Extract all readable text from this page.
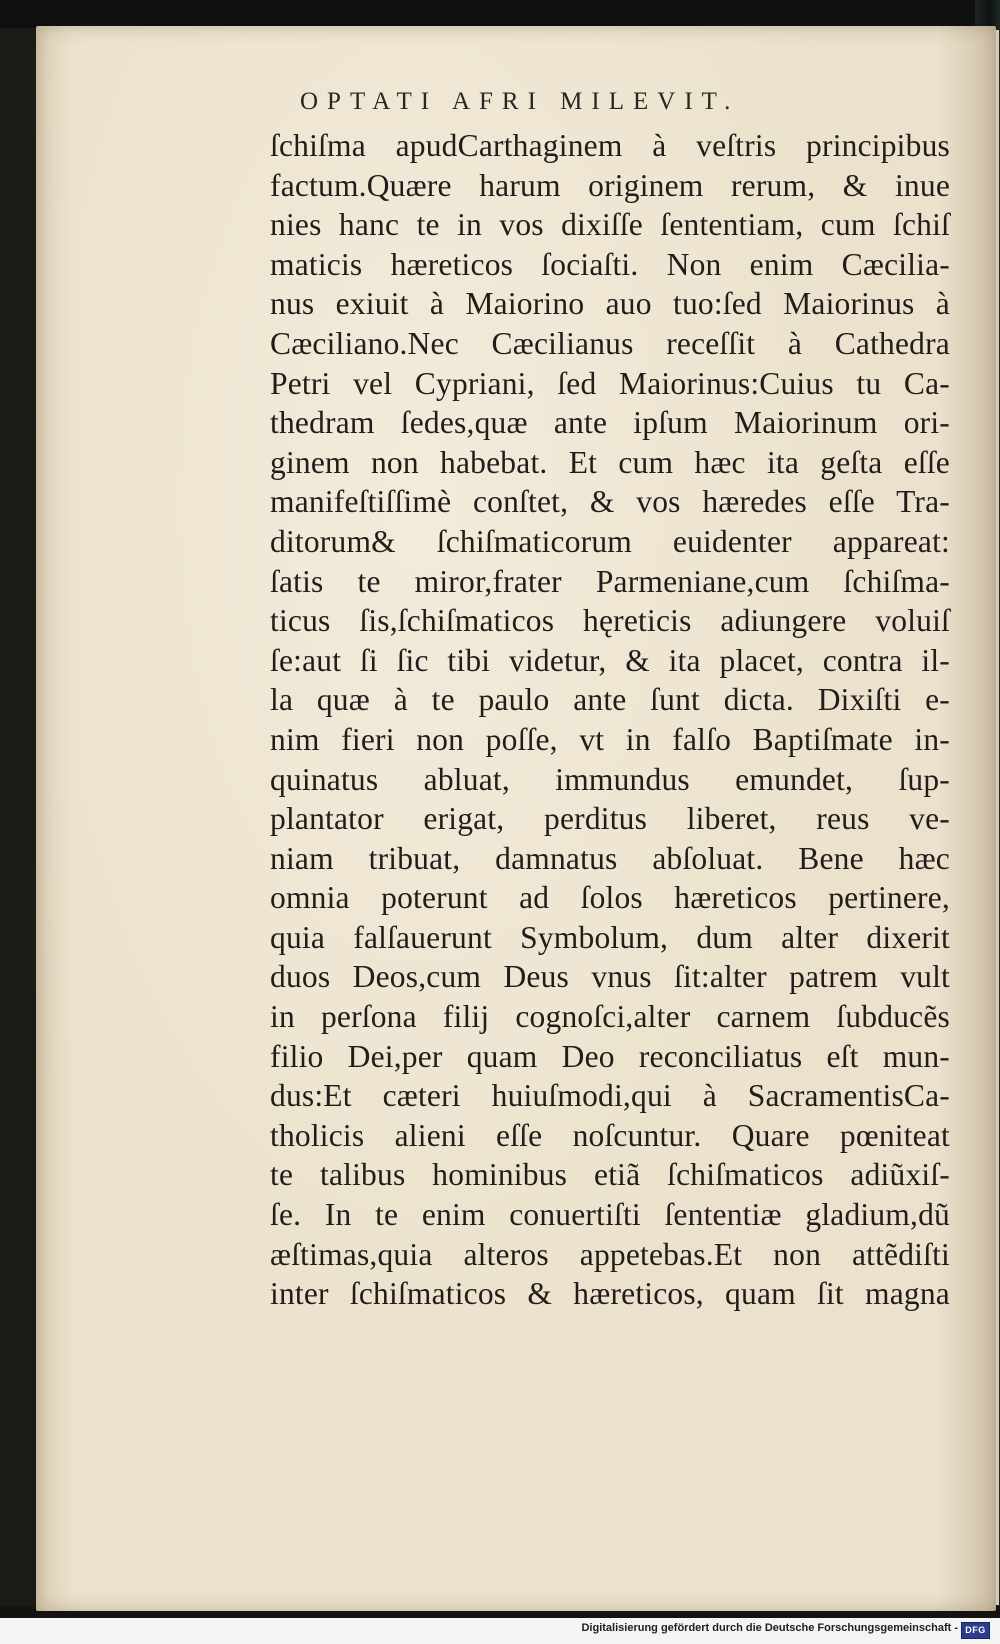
OPTATI AFRI MILEVIT.
ſchiſma apudCarthaginem à veſtris principibus
factum.Quære harum originem rerum, & inue
nies hanc te in vos dixiſſe ſententiam, cum ſchiſ
maticis hæreticos ſociaſti. Non enim Cæcilia-
nus exiuit à Maiorino auo tuo:ſed Maiorinus à
Cæciliano.Nec Cæcilianus receſſit à Cathedra
Petri vel Cypriani, ſed Maiorinus:Cuius tu Ca-
thedram ſedes,quæ ante ipſum Maiorinum ori-
ginem non habebat. Et cum hæc ita geſta eſſe
manifeſtiſſimè conſtet, & vos hæredes eſſe Tra-
ditorum& ſchiſmaticorum euidenter appareat:
ſatis te miror,frater Parmeniane,cum ſchiſma-
ticus ſis,ſchiſmaticos hęreticis adiungere voluiſ
ſe:aut ſi ſic tibi videtur, & ita placet, contra il-
la quæ à te paulo ante ſunt dicta. Dixiſti e-
nim fieri non poſſe, vt in falſo Baptiſmate in-
quinatus abluat, immundus emundet, ſup-
plantator erigat, perditus liberet, reus ve-
niam tribuat, damnatus abſoluat. Bene hæc
omnia poterunt ad ſolos hæreticos pertinere,
quia falſauerunt Symbolum, dum alter dixerit
duos Deos,cum Deus vnus ſit:alter patrem vult
in perſona filij cognoſci,alter carnem ſubducẽs
filio Dei,per quam Deo reconciliatus eſt mun-
dus:Et cæteri huiuſmodi,qui à SacramentisCa-
tholicis alieni eſſe noſcuntur. Quare pœniteat
te talibus hominibus etiã ſchiſmaticos adiũxiſ-
ſe. In te enim conuertiſti ſententiæ gladium,dũ
æſtimas,quia alteros appetebas.Et non attẽdiſti
inter ſchiſmaticos & hæreticos, quam ſit magna
Digitalisierung gefördert durch die Deutsche Forschungsgemeinschaft - DFG
